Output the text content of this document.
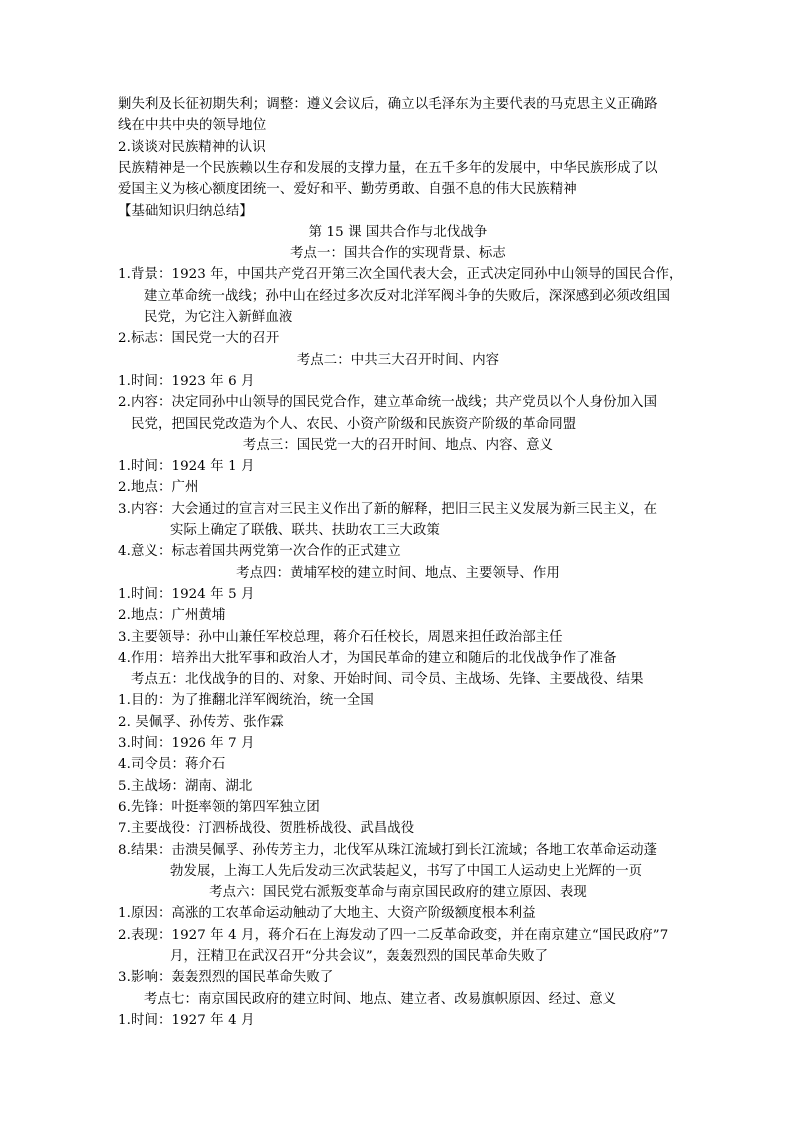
剿失利及长征初期失利；调整：遵义会议后，确立以毛泽东为主要代表的马克思主义正确路
线在中共中央的领导地位
2.谈谈对民族精神的认识
民族精神是一个民族赖以生存和发展的支撑力量，在五千多年的发展中，中华民族形成了以
爱国主义为核心额度团统一、爱好和平、勤劳勇敢、自强不息的伟大民族精神
【基础知识归纳总结】
第 15 课 国共合作与北伐战争
考点一：国共合作的实现背景、标志
1.背景：1923 年，中国共产党召开第三次全国代表大会，正式决定同孙中山领导的国民合作，
建立革命统一战线；孙中山在经过多次反对北洋军阀斗争的失败后，深深感到必须改组国
民党，为它注入新鲜血液
2.标志：国民党一大的召开
考点二：中共三大召开时间、内容
1.时间：1923 年 6 月
2.内容：决定同孙中山领导的国民党合作，建立革命统一战线；共产党员以个人身份加入国
民党，把国民党改造为个人、农民、小资产阶级和民族资产阶级的革命同盟
考点三：国民党一大的召开时间、地点、内容、意义
1.时间：1924 年 1 月
2.地点：广州
3.内容：大会通过的宣言对三民主义作出了新的解释，把旧三民主义发展为新三民主义，在
实际上确定了联俄、联共、扶助农工三大政策
4.意义：标志着国共两党第一次合作的正式建立
考点四：黄埔军校的建立时间、地点、主要领导、作用
1.时间：1924 年 5 月
2.地点：广州黄埔
3.主要领导：孙中山兼任军校总理，蒋介石任校长，周恩来担任政治部主任
4.作用：培养出大批军事和政治人才，为国民革命的建立和随后的北伐战争作了准备
考点五：北伐战争的目的、对象、开始时间、司令员、主战场、先锋、主要战役、结果
1.目的：为了推翻北洋军阀统治，统一全国
2. 吴佩孚、孙传芳、张作霖
3.时间：1926 年 7 月
4.司令员：蒋介石
5.主战场：湖南、湖北
6.先锋：叶挺率领的第四军独立团
7.主要战役：汀泗桥战役、贺胜桥战役、武昌战役
8.结果：击溃吴佩孚、孙传芳主力，北伐军从珠江流域打到长江流域；各地工农革命运动蓬
勃发展，上海工人先后发动三次武装起义，书写了中国工人运动史上光辉的一页
考点六：国民党右派叛变革命与南京国民政府的建立原因、表现
1.原因：高涨的工农革命运动触动了大地主、大资产阶级额度根本利益
2.表现：1927 年 4 月，蒋介石在上海发动了四一二反革命政变，并在南京建立“国民政府”7
月，汪精卫在武汉召开“分共会议”，轰轰烈烈的国民革命失败了
3.影响：轰轰烈烈的国民革命失败了
考点七：南京国民政府的建立时间、地点、建立者、改易旗帜原因、经过、意义
1.时间：1927 年 4 月
